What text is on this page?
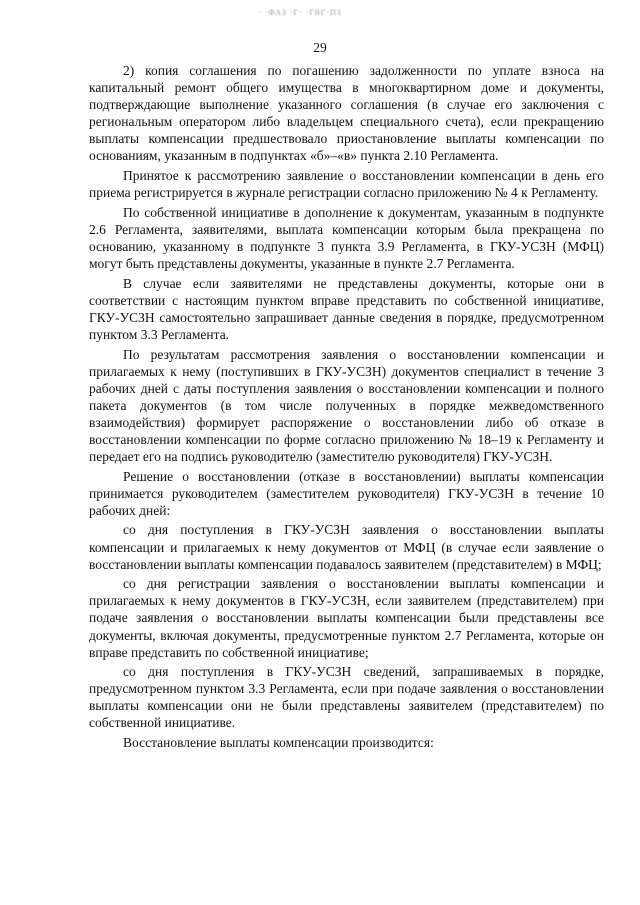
· ·ФАЗ ·Г· ·ГЯГ·ПЗ
29

2) копия соглашения по погашению задолженности по уплате взноса на капитальный ремонт общего имущества в многоквартирном доме и документы, подтверждающие выполнение указанного соглашения (в случае его заключения с региональным оператором либо владельцем специального счета), если прекращению выплаты компенсации предшествовало приостановление выплаты компенсации по основаниям, указанным в подпунктах «б»–«в» пункта 2.10 Регламента.

Принятое к рассмотрению заявление о восстановлении компенсации в день его приема регистрируется в журнале регистрации согласно приложению № 4 к Регламенту.

По собственной инициативе в дополнение к документам, указанным в подпункте 2.6 Регламента, заявителями, выплата компенсации которым была прекращена по основанию, указанному в подпункте 3 пункта 3.9 Регламента, в ГКУ-УСЗН (МФЦ) могут быть представлены документы, указанные в пункте 2.7 Регламента.

В случае если заявителями не представлены документы, которые они в соответствии с настоящим пунктом вправе представить по собственной инициативе, ГКУ-УСЗН самостоятельно запрашивает данные сведения в порядке, предусмотренном пунктом 3.3 Регламента.

По результатам рассмотрения заявления о восстановлении компенсации и прилагаемых к нему (поступивших в ГКУ-УСЗН) документов специалист в течение 3 рабочих дней с даты поступления заявления о восстановлении компенсации и полного пакета документов (в том числе полученных в порядке межведомственного взаимодействия) формирует распоряжение о восстановлении либо об отказе в восстановлении компенсации по форме согласно приложению № 18–19 к Регламенту и передает его на подпись руководителю (заместителю руководителя) ГКУ-УСЗН.

Решение о восстановлении (отказе в восстановлении) выплаты компенсации принимается руководителем (заместителем руководителя) ГКУ-УСЗН в течение 10 рабочих дней:

со дня поступления в ГКУ-УСЗН заявления о восстановлении выплаты компенсации и прилагаемых к нему документов от МФЦ (в случае если заявление о восстановлении выплаты компенсации подавалось заявителем (представителем) в МФЦ;

со дня регистрации заявления о восстановлении выплаты компенсации и прилагаемых к нему документов в ГКУ-УСЗН, если заявителем (представителем) при подаче заявления о восстановлении выплаты компенсации были представлены все документы, включая документы, предусмотренные пунктом 2.7 Регламента, которые он вправе представить по собственной инициативе;

со дня поступления в ГКУ-УСЗН сведений, запрашиваемых в порядке, предусмотренном пунктом 3.3 Регламента, если при подаче заявления о восстановлении выплаты компенсации они не были представлены заявителем (представителем) по собственной инициативе.

Восстановление выплаты компенсации производится:
